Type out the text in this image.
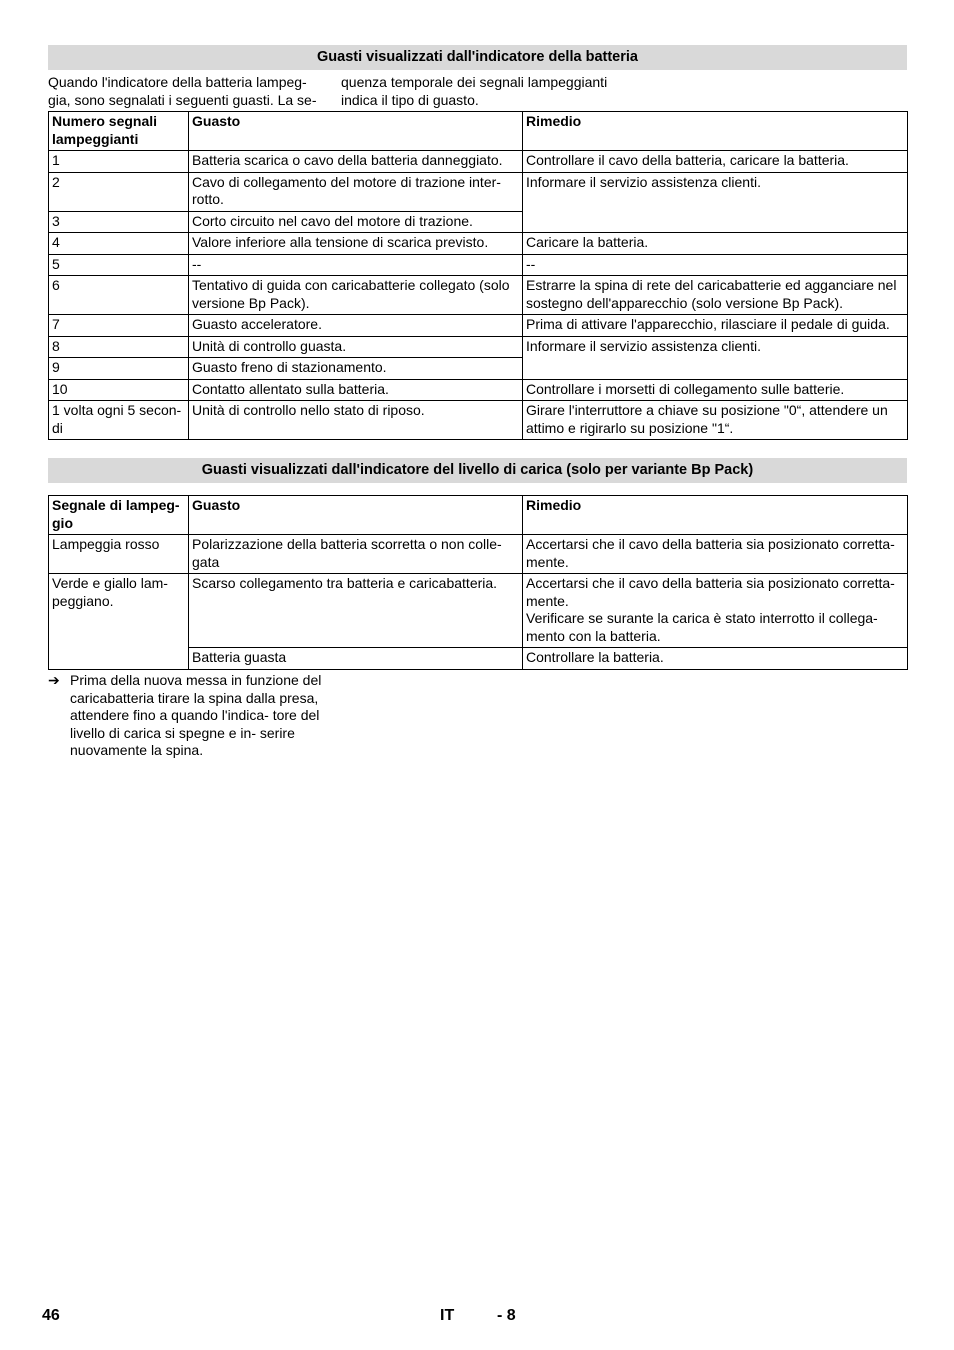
Guasti visualizzati dall'indicatore della batteria
Quando l'indicatore della batteria lampeg- gia, sono segnalati i seguenti guasti. La se-
quenza temporale dei segnali lampeggianti indica il tipo di guasto.
Numero segnali lampeggianti	Guasto	Rimedio
1	Batteria scarica o cavo della batteria danneggiato.	Controllare il cavo della batteria, caricare la batteria.
2	Cavo di collegamento del motore di trazione inter- rotto.	Informare il servizio assistenza clienti.
3	Corto circuito nel cavo del motore di trazione.	
4	Valore inferiore alla tensione di scarica previsto.	Caricare la batteria.
5	--	--
6	Tentativo di guida con caricabatterie collegato (solo versione Bp Pack).	Estrarre la spina di rete del caricabatterie ed agganciare nel sostegno dell'apparecchio (solo versione Bp Pack).
7	Guasto acceleratore.	Prima di attivare l'apparecchio, rilasciare il pedale di guida.
8	Unità di controllo guasta.	Informare il servizio assistenza clienti.
9	Guasto freno di stazionamento.	
10	Contatto allentato sulla batteria.	Controllare i morsetti di collegamento sulle batterie.
1 volta ogni 5 secon- di	Unità di controllo nello stato di riposo.	Girare l'interruttore a chiave su posizione "0“, attendere un attimo e rigirarlo su posizione "1“.
Guasti visualizzati dall'indicatore del livello di carica (solo per variante Bp Pack)
Segnale di lampeg- gio	Guasto	Rimedio
Lampeggia rosso	Polarizzazione della batteria scorretta o non colle- gata	Accertarsi che il cavo della batteria sia posizionato corretta- mente.
Verde e giallo lam- peggiano.	Scarso collegamento tra batteria e caricabatteria.	Accertarsi che il cavo della batteria sia posizionato corretta- mente.
Verificare se surante la carica è stato interrotto il collega- mento con la batteria.

	Batteria guasta	Controllare la batteria.
➔ Prima della nuova messa in funzione del caricabatteria tirare la spina dalla presa, attendere fino a quando l'indica- tore del livello di carica si spegne e in- serire nuovamente la spina.
46	IT	- 8
